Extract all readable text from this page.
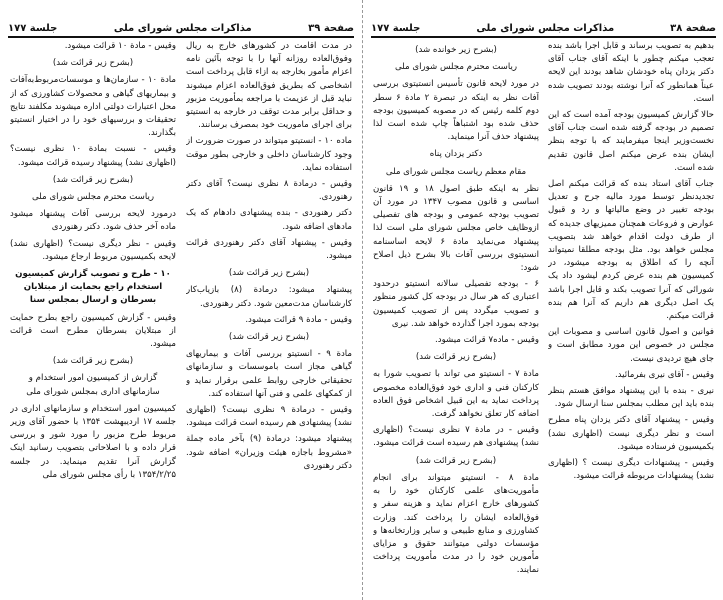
صفحة ۳۹
مذاکرات مجلس شورای ملی
جلسة ۱۷۷

در مدت اقامت در کشورهای خارج به ریال وفوق‌العاده روزانه آنها را با توجه بآئین نامه اعزام مأمور بخارجه به ازاء قابل پرداخت است اشخاصی که بطریق فوق‌العاده اعزام میشوند نباید قبل از عزیمت با مراجعه بمأموریت مزبور و حداقل برابر مدت توقف در خارجه به انستیتو برای اجرای ماموریت خود بمصرف برسانند.

ماده ۱۰ - انستیتو میتواند در صورت ضرورت از وجود کارشناسان داخلی و خارجی بطور موقت استفاده نماید.

وقیس - درمادة ۸ نظری نیست؟ آقای دکتر رهنوردی.

دکتر رهنوردی - بنده پیشنهادی دادهام که یک مادهای اضافه شود.

وقیس - پیشنهاد آقای دکتر رهنوردی قرائت میشود.

(بشرح زیر قرائت شد)

پیشنهاد میشود: درمادة (۸) بازیاب‌کار کارشناسان مدت‌معین شود. دکتر رهنوردی.

وقیس - مادة ۹ قرائت میشود.

(بشرح زیر قرائت شد)

مادة ۹ - انستیتو بررسی آفات و بیماریهای گیاهی مجاز است باموسسات و سازمانهای تحقیقاتی خارجی روابط علمی برقرار نماید و از کمکهای علمی و فنی آنها استفاده کند.

وقیس - درمادة ۹ نظری نیست؟ (اظهاری نشد) پیشنهادی هم رسیده است قرائت میشود.

پیشنهاد میشود: درمادة (۹) بآخر ماده جملة «مشروط باجازه هیئت وزیران» اضافه شود. دکتر رهنوردی

وقیس - مادة ۱۰ قرائت میشود.

(بشرح زیر قرائت شد)

مادة ۱۰ - سازمان‌ها و موسسات‌مربوط‌به‌آفات و بیماریهای گیاهی و محصولات کشاورزی که از محل اعتبارات دولتی اداره میشوند مکلفند نتایج تحقیقات و بررسیهای خود را در اختیار انستیتو بگذارند.

وقیس - نسبت بمادة ۱۰ نظری نیست؟ (اظهاری نشد) پیشنهاد رسیده قرائت میشود.

(بشرح زیر قرائت شد)

ریاست محترم مجلس شورای ملی

درمورد لایحه بررسی آفات پیشنهاد میشود ماده آخر حذف شود. دکتر رهنوردی

وقیس - نظر دیگری نیست؟ (اظهاری نشد) لایحه بکمیسیون مربوط ارجاع میشود.

۱۰ - طرح و تصویب گزارش کمیسیون استخدام راجع بحمایت از مبتلایان بسرطان و ارسال بمجلس سنا

وقیس - گزارش کمیسیون راجع بطرح حمایت از مبتلایان بسرطان مطرح است قرائت میشود.

(بشرح زیر قرائت شد)

گزارش از کمیسیون امور استخدام و سازمانهای اداری بمجلس شورای ملی

کمیسیون امور استخدام و سازمانهای اداری در جلسه ۱۷ اردیبهشت ۱۳۵۴ با حضور آقای وزیر مربوط طرح مزبور را مورد شور و بررسی قرار داده و با اصلاحاتی بتصویب رسانید اینک گزارش آنرا تقدیم مینماید. در جلسه ۱۳۵۴/۲/۲۵ با رأی مجلس شورای ملی

صفحة ۳۸
مذاکرات مجلس شورای ملی
جلسة ۱۷۷

بدهیم به تصویب برساند و قابل اجرا باشد بنده تعجب میکنم چطور با اینکه آقای جناب آقای دکتر یزدان پناه خودشان شاهد بودند این لایحه عیناً همانطور که آنرا نوشته بودند تصویب شده است.

حالا گزارش کمیسیون بودجه آمده است که این تصمیم در بودجه گرفته شده است جناب آقای نخست‌وزیر اینجا میفرمایند که با توجه بنظر ایشان بنده عرض میکنم اصل قانون تقدیم شده است.

جناب آقای استاد بنده که قرائت میکنم اصل تجدیدنظر توسط مورد مالیه جرح و تعدیل بودجه تغییر در وضع مالیاتها و رد و قبول عوارض و فروعات همچنان ممیزیهای جدیده که از طرف دولت اقدام خواهد شد بتصویب مجلس خواهد بود. مثل بودجه مطلقا نمیتواند آنچه را که اطلاق به بودجه میشود، در کمیسیون هم بنده عرض کردم لیشود داد یک شورائی که آنرا تصویب بکند و قابل اجرا باشد یک اصل دیگری هم داریم که آنرا هم بنده قرائت میکنم.

فوانین و اصول قانون اساسی و مصوبات این مجلس در خصوص این مورد مطابق است و جای هیچ تردیدی نیست.

وقیس - آقای نیری بفرمائید.

نیری - بنده با این پیشنهاد موافق هستم بنظر بنده باید این مطلب بمجلس سنا ارسال شود.

وقیس - پیشنهاد آقای دکتر یزدان پناه مطرح است و نظر دیگری نیست (اظهاری نشد) بکمیسیون فرستاده میشود.

وقیس - پیشنهادات دیگری نیست ؟ (اظهاری نشد) پیشنهادات مربوطه قرائت میشود.

(بشرح زیر خوانده شد)

ریاست محترم مجلس شورای ملی

در مورد لایحه قانون تأسیس انستیتوی بررسی آفات نظر به اینکه در تبصرة ۲ مادة ۶ سطر دوم کلمه رئیس که در مصوبه کمیسیون بودجه حذف شده بود اشتباهاً چاپ شده است لذا پیشنهاد حذف آنرا مینماید.

دکتر یزدان پناه

مقام معظم ریاست مجلس شورای ملی

نظر به اینکه طبق اصول ۱۸ و ۱۹ قانون اساسی و قانون مصوب ۱۳۴۷ در مورد آن تصویب بودجه عمومی و بودجه های تفصیلی ازوظایف خاص مجلس شورای ملی است لذا پیشنهاد می‌نماید مادة ۶ لایحه اساسنامه انستیتوی بررسی آفات بالا بشرح ذیل اصلاح شود:

۶ - بودجه تفصیلی سالانه انستیتو درحدود اعتباری که هر سال در بودجه کل کشور منظور و تصویب میگردد پس از تصویب کمیسیون بودجه بمورد اجرا گذارده خواهد شد. نیری

وقیس - ماده۷ قرائت میشود.

(بشرح زیر قرائت شد)

مادة ۷ - انستیتو می تواند با تصویب شورا به کارکنان فنی و اداری خود فوق‌العاده مخصوص پرداخت نماید به این قبیل اشخاص فوق العاده اضافه کار تعلق نخواهد گرفت.

وقیس - در مادة ۷ نظری نیست؟ (اظهاری نشد) پیشنهادی هم رسیده است قرائت میشود.

(بشرح زیر قرائت شد)

مادة ۸ - انستیتو میتواند برای انجام مأموریت‌های علمی کارکنان خود را به کشورهای خارج اعزام نماید و هزینه سفر و فوق‌العاده ایشان را پرداخت کند. وزارت کشاورزی و منابع طبیعی و سایر وزارتخانه‌ها و مؤسسات دولتی میتوانند حقوق و مزایای مأمورین خود را در مدت مأموریت پرداخت نمایند.
